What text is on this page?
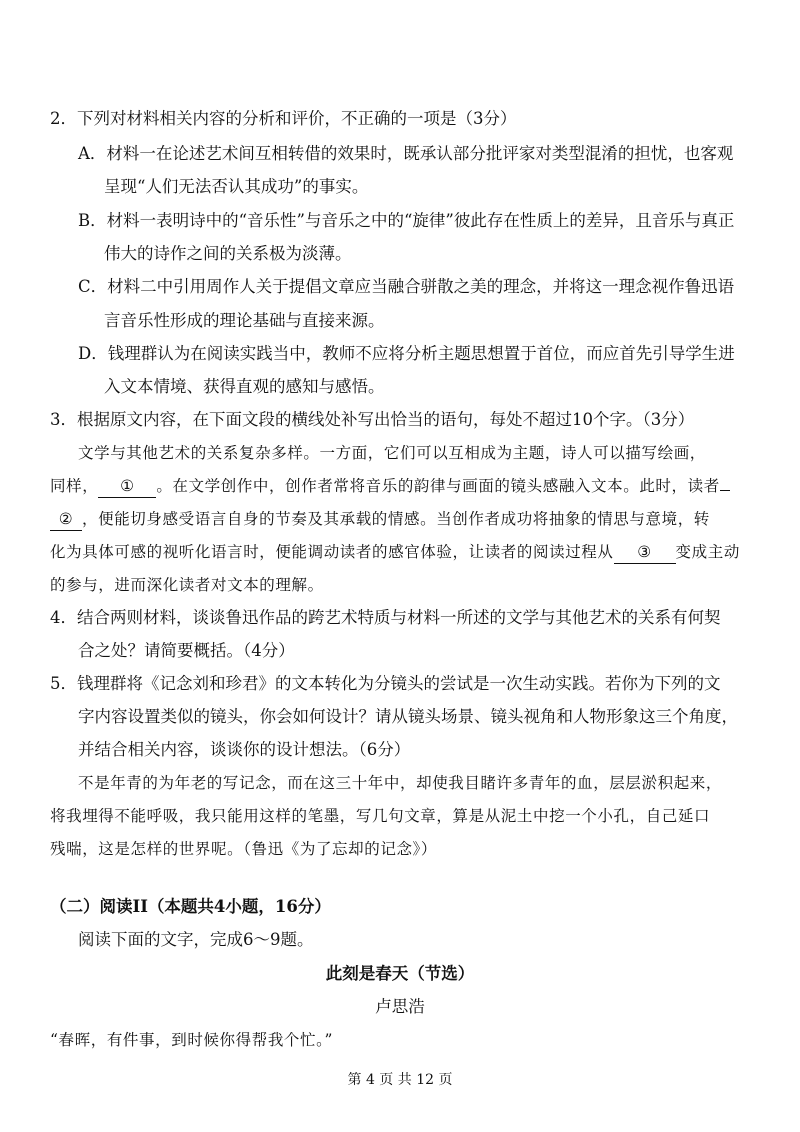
2．下列对材料相关内容的分析和评价，不正确的一项是（3分）
A．材料一在论述艺术间互相转借的效果时，既承认部分批评家对类型混淆的担忧，也客观
呈现“人们无法否认其成功”的事实。
B．材料一表明诗中的“音乐性”与音乐之中的“旋律”彼此存在性质上的差异，且音乐与真正
伟大的诗作之间的关系极为淡薄。
C．材料二中引用周作人关于提倡文章应当融合骈散之美的理念，并将这一理念视作鲁迅语
言音乐性形成的理论基础与直接来源。
D．钱理群认为在阅读实践当中，教师不应将分析主题思想置于首位，而应首先引导学生进
入文本情境、获得直观的感知与感悟。
3．根据原文内容，在下面文段的横线处补写出恰当的语句，每处不超过10个字。（3分）
文学与其他艺术的关系复杂多样。一方面，它们可以互相成为主题，诗人可以描写绘画，
同样， ① 。在文学创作中，创作者常将音乐的韵律与画面的镜头感融入文本。此时，读者
② ，便能切身感受语言自身的节奏及其承载的情感。当创作者成功将抽象的情思与意境，转
化为具体可感的视听化语言时，便能调动读者的感官体验，让读者的阅读过程从 ③ 变成主动
的参与，进而深化读者对文本的理解。
4．结合两则材料，谈谈鲁迅作品的跨艺术特质与材料一所述的文学与其他艺术的关系有何契
合之处？请简要概括。（4分）
5．钱理群将《记念刘和珍君》的文本转化为分镜头的尝试是一次生动实践。若你为下列的文
字内容设置类似的镜头，你会如何设计？请从镜头场景、镜头视角和人物形象这三个角度，
并结合相关内容，谈谈你的设计想法。（6分）
不是年青的为年老的写记念，而在这三十年中，却使我目睹许多青年的血，层层淤积起来，
将我埋得不能呼吸，我只能用这样的笔墨，写几句文章，算是从泥土中挖一个小孔，自己延口
残喘，这是怎样的世界呢。（鲁迅《为了忘却的记念》）
（二）阅读II（本题共4小题，16分）
阅读下面的文字，完成6～9题。
此刻是春天（节选）
卢思浩
“春晖，有件事，到时候你得帮我个忙。”
第 4 页 共 12 页
